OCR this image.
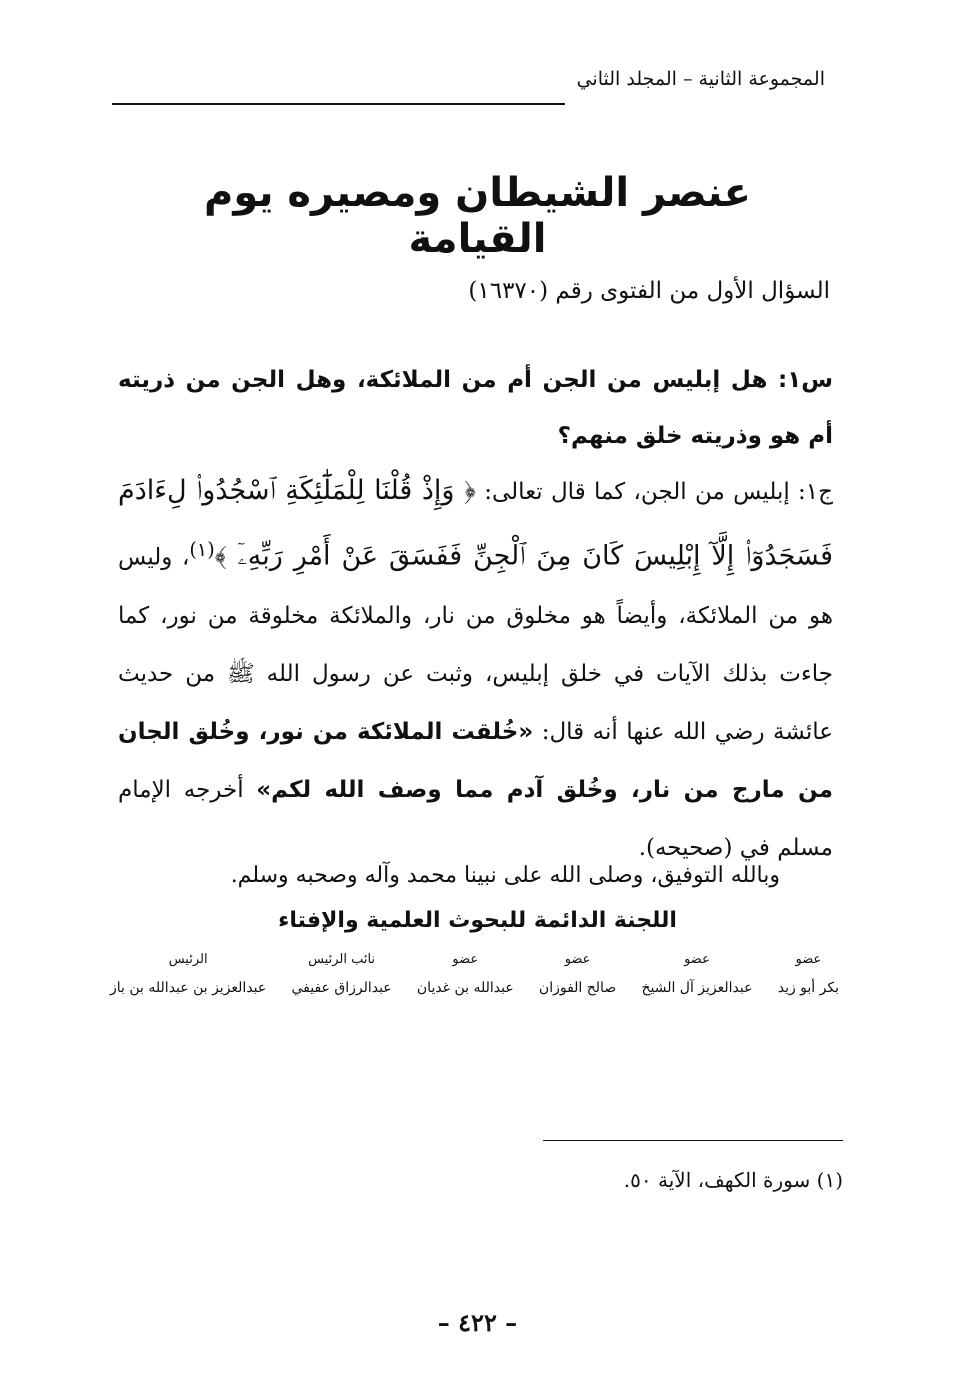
المجموعة الثانية – المجلد الثاني
عنصر الشيطان ومصيره يوم القيامة
السؤال الأول من الفتوى رقم (١٦٣٧٠)
س١: هل إبليس من الجن أم من الملائكة، وهل الجن من ذريته أم هو وذريته خلق منهم؟
ج١: إبليس من الجن، كما قال تعالى: ﴿ وَإِذْ قُلْنَا لِلْمَلَٰٓئِكَةِ ٱسْجُدُوا۟ لِءَادَمَ فَسَجَدُوٓا۟ إِلَّآ إِبْلِيسَ كَانَ مِنَ ٱلْجِنِّ فَفَسَقَ عَنْ أَمْرِ رَبِّهِۦٓ ﴾$^{(١)}$، وليس هو من الملائكة، وأيضاً هو مخلوق من نار، والملائكة مخلوقة من نور، كما جاءت بذلك الآيات في خلق إبليس، وثبت عن رسول الله ﷺ من حديث عائشة رضي الله عنها أنه قال: «خُلقت الملائكة من نور، وخُلق الجان من مارج من نار، وخُلق آدم مما وصف الله لكم» أخرجه الإمام مسلم في (صحيحه).
وبالله التوفيق، وصلى الله على نبينا محمد وآله وصحبه وسلم.
اللجنة الدائمة للبحوث العلمية والإفتاء
عضو
بكر أبو زيد
عضو
عبدالعزيز آل الشيخ
عضو
صالح الفوزان
عضو
عبدالله بن غديان
نائب الرئيس
عبدالرزاق عفيفي
الرئيس
عبدالعزيز بن عبدالله بن باز
(١) سورة الكهف، الآية ٥٠.
– ٤٢٢ –
